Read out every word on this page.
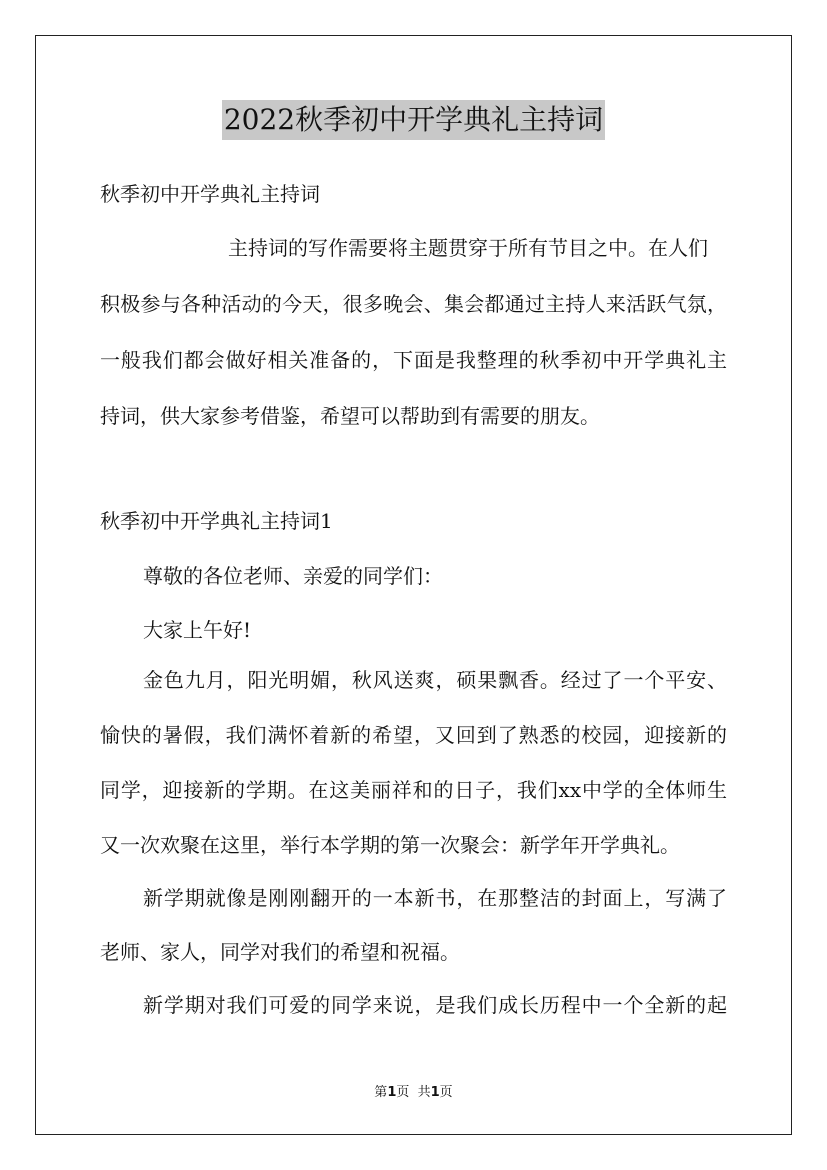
2022秋季初中开学典礼主持词
秋季初中开学典礼主持词
主持词的写作需要将主题贯穿于所有节目之中。在人们
积极参与各种活动的今天，很多晚会、集会都通过主持人来活跃气氛，
一般我们都会做好相关准备的，下面是我整理的秋季初中开学典礼主
持词，供大家参考借鉴，希望可以帮助到有需要的朋友。
秋季初中开学典礼主持词1
尊敬的各位老师、亲爱的同学们：
大家上午好!
金色九月，阳光明媚，秋风送爽，硕果飘香。经过了一个平安、
愉快的暑假，我们满怀着新的希望，又回到了熟悉的校园，迎接新的
同学，迎接新的学期。在这美丽祥和的日子，我们xx中学的全体师生
又一次欢聚在这里，举行本学期的第一次聚会：新学年开学典礼。
新学期就像是刚刚翻开的一本新书，在那整洁的封面上，写满了
老师、家人，同学对我们的希望和祝福。
新学期对我们可爱的同学来说，是我们成长历程中一个全新的起
第1页  共1页
